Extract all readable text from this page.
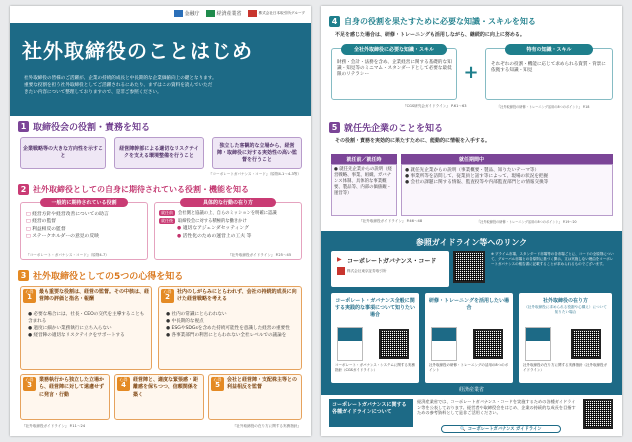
金融庁	経済産業省	株式会社日本取引所グループ
社外取締役のことはじめ
社外取締役の皆様のご活躍が、企業の持続的成長と中長期的な企業価値向上の鍵となります。
重要な役割を担う社外取締役としてご活躍されるにあたり、まずはこの資料を読んでいただ
きたい内容について整理しておりますので、是非ご参照ください。
1 取締役会の役割・責務を知る
企業戦略等の大きな方向性を示すこと
経営陣幹部による適切なリスクテイクを支える環境整備を行うこと
独立した客観的な立場から、経営陣・取締役に対する実効性の高い監督を行うこと
『コーポレートガバナンス・コード』（原則4-1〜4-3等）
2 社外取締役としての自身に期待されている役割・機能を知る
一般的に期待されている役割
□ 経営方針や経営改善についての助言
□ 経営の監督
□ 利益相反の監督
□ ステークホルダーの意見の反映
『コーポレート・ガバナンス・コード』（原則4-7）
具体的な行動の在り方
就任前 会社側と協議の上、自らのミッションを明確に認識
就任後 取締役会に対する積極的な働きかけ
● 適切なアジェンダセッティング
● 活性化のための運営上の工夫 等
『社外取締役ガイドライン』 P.25〜45
3 社外取締役としての5つの心得を知る
心得
1
最も重要な役割は、経営の監督。その中核は、経営陣の評価と指名・報酬
● 必要な場合には、社長・CEOの交代を主導することも含まれる
● 過度に細かい業務執行に立ち入らない
● 経営陣の適切なリスクテイクをサポートする
心得
2
社内のしがらみにとらわれず、会社の持続的成長に向けた経営戦略を考える
● 社内の常識にとらわれない
● 中長期的な視点
● ESGやSDGsを含めた持続可能性を意識した経営の重要性
● 各事業部門の利害にとらわれない全社レベルでの議論を
心得
3
業務執行から独立した立場から、経営陣に対して遠慮せずに発言・行動
心得
4
経営陣と、適度な緊張感・距離感を保ちつつ、信頼関係を築く
心得
5
会社と経営陣・支配株主等との利益相反を監督
『社外取締役ガイドライン』 P.11〜24	『社外取締役の在り方に関する実務指針』
4 自身の役割を果たすために必要な知識・スキルを知る
不足を感じた場合は、研修・トレーニングも活用しながら、継続的に向上に努める。
全社外取締役に必要な知識・スキル
財務・会計・法務を含め、企業経営に関する基礎的な知識・知見等のミニマム・スタンダードとして必要な最低限のリテラシー	+
特有の知識・スキル
それぞれの役割・機能に応じて求められる資質・背景に依拠する知識・知見
『CGS研究会ガイドライン』 P.61〜63	『社外取締役の研修・トレーニング活用の8つのポイント』 P.18
5 就任先企業のことを知る
その役割・責務を実効的に果たすために、能動的に情報を入手する。
就任前／就任時
● 就任先企業からの説明（経営戦略、事業、組織、ガバナンス体制、具体的な事業概要、製品等、内部の価値観・運営等）
就任期間中
● 就任先企業からの説明（事業概要・製品、知りたいテーマ等）
● 事業所等を訪問して、従業員と話す等によって、現場の状況を把握
● 会社の課題に関する情報、監査役等や内部監査部門との情報交換等
『社外取締役ガイドライン』 P.46〜48	『社外取締役の研修・トレーニング活用の8つのポイント』 P.19〜20
参照ガイドライン等へのリンク
▶ コーポレートガバナンス・コード
株式会社東京証券取引所
※ プライム市場、スタンダード市場等の各市場ごとに、コードの全原則について、グローバル市場との各原則に基づく開示、又は実施しない理由をコーポレートガバナンスの報告書に記載することが求められるものでございます。
コーポレート・ガバナンス全般に関する実践的な事項について知りたい場合
コーポレート・ガバナンス・システムに関する実務指針（CGSガイドライン）
研修・トレーニングを活用したい場合
社外取締役の研修・トレーニングの活用の8つのポイント
社外取締役の在り方
（社外取締役に求められる役割や心構え）について知りたい場合
社外取締役の在り方に関する実務指針（社外取締役ガイドライン）
経済産業省
コーポレートガバナンスに関する各種ガイドラインについて
経済産業省では、コーポレートガバナンス・コードを実施するための各種ガイドライン等を公表しております。経営者や取締役会をはじめ、企業の持続的な成長を目指すための参考資料として是非ご活用ください。
🔍 コーポレートガバナンス ガイドライン
